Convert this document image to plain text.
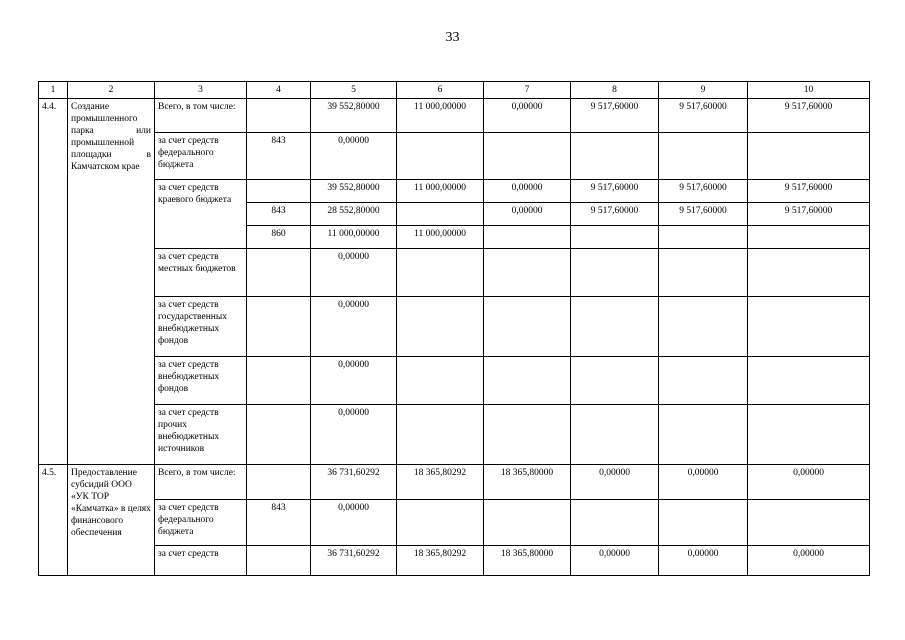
33
1	2	3	4	5	6	7	8	9	10
4.4.	Создание промышленного парка или промышленной площадки в Камчатском крае	Всего, в том числе:		39 552,80000	11 000,00000	0,00000	9 517,60000	9 517,60000	9 517,60000
		за счет средств федерального бюджета	843	0,00000					
		за счет средств краевого бюджета		39 552,80000	11 000,00000	0,00000	9 517,60000	9 517,60000	9 517,60000
			843	28 552,80000		0,00000	9 517,60000	9 517,60000	9 517,60000
			860	11 000,00000	11 000,00000				
		за счет средств местных бюджетов		0,00000					
		за счет средств государственных внебюджетных фондов		0,00000					
		за счет средств внебюджетных фондов		0,00000					
		за счет средств прочих внебюджетных источников		0,00000					
4.5.	Предоставление субсидий ООО «УК ТОР «Камчатка» в целях финансового обеспечения	Всего, в том числе:		36 731,60292	18 365,80292	18 365,80000	0,00000	0,00000	0,00000
		за счет средств федерального бюджета	843	0,00000					
		за счет средств		36 731,60292	18 365,80292	18 365,80000	0,00000	0,00000	0,00000
